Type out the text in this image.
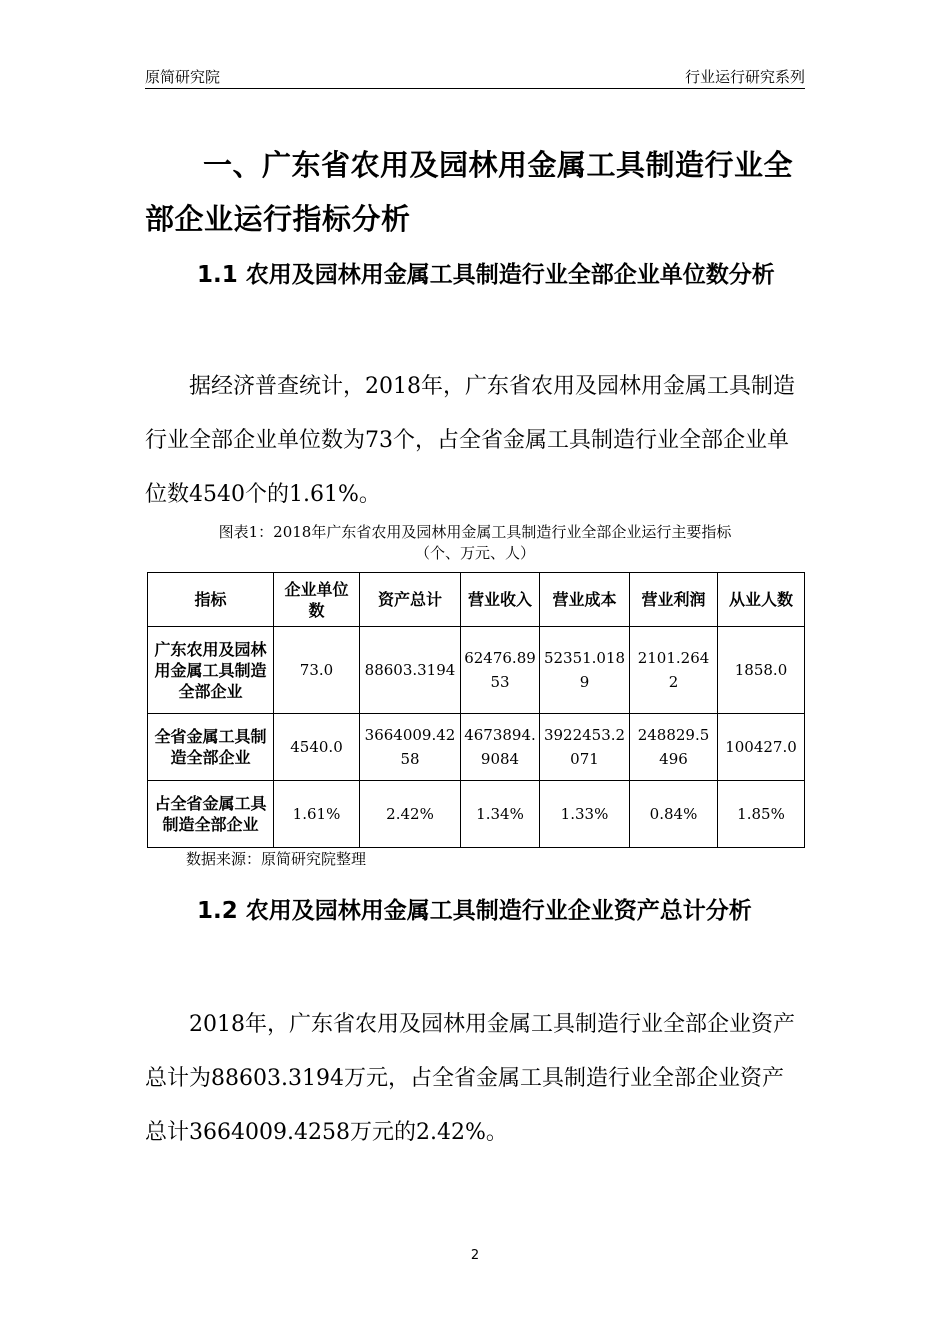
原简研究院	行业运行研究系列
一、广东省农用及园林用金属工具制造行业全部企业运行指标分析
1.1 农用及园林用金属工具制造行业全部企业单位数分析
据经济普查统计，2018年，广东省农用及园林用金属工具制造行业全部企业单位数为73个，占全省金属工具制造行业全部企业单位数4540个的1.61%。
图表1：2018年广东省农用及园林用金属工具制造行业全部企业运行主要指标
（个、万元、人）
指标	企业单位数	资产总计	营业收入	营业成本	营业利润	从业人数
广东农用及园林用金属工具制造全部企业	73.0	88603.3194	62476.8953	52351.0189	2101.2642	1858.0
全省金属工具制造全部企业	4540.0	3664009.4258	4673894.9084	3922453.2071	248829.5496	100427.0
占全省金属工具制造全部企业	1.61%	2.42%	1.34%	1.33%	0.84%	1.85%
数据来源：原简研究院整理
1.2 农用及园林用金属工具制造行业企业资产总计分析
2018年，广东省农用及园林用金属工具制造行业全部企业资产总计为88603.3194万元，占全省金属工具制造行业全部企业资产总计3664009.4258万元的2.42%。
2
